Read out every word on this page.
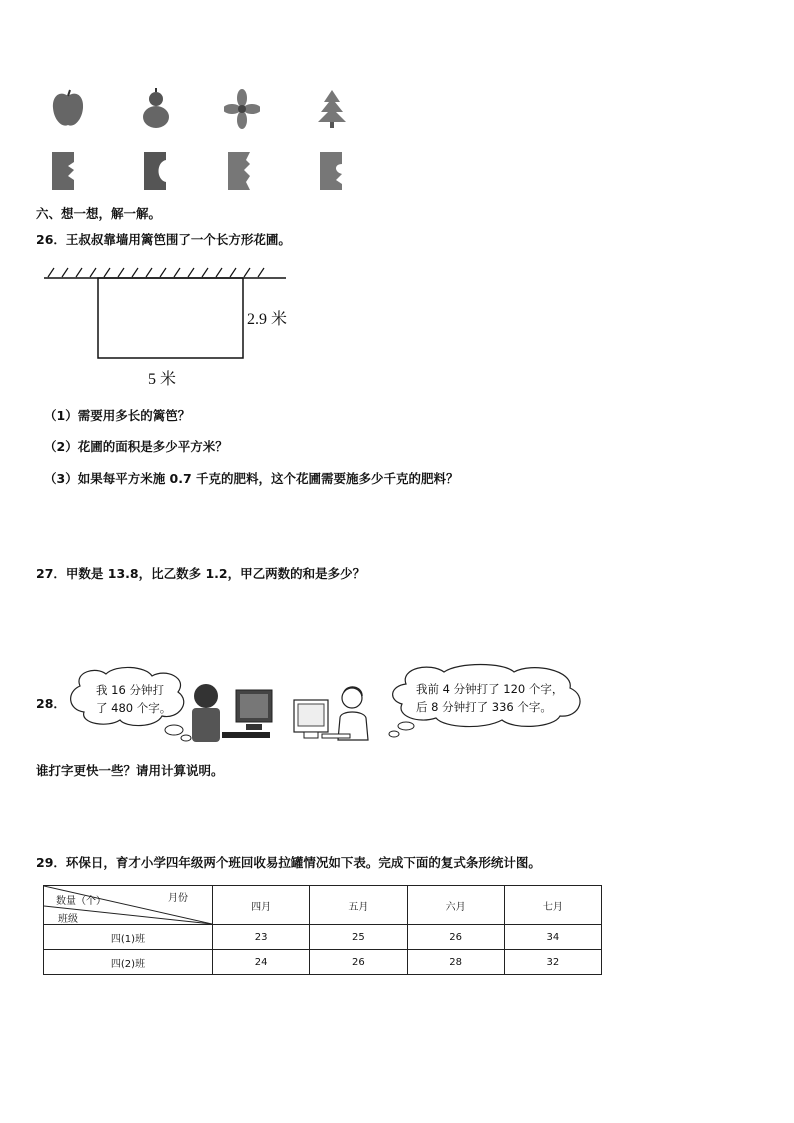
六、想一想，解一解。
26．王叔叔靠墙用篱笆围了一个长方形花圃。
2.9 米
5 米
（1）需要用多长的篱笆？
（2）花圃的面积是多少平方米？
（3）如果每平方米施 0.7 千克的肥料，这个花圃需要施多少千克的肥料？
27．甲数是 13.8，比乙数多 1.2，甲乙两数的和是多少？
28．
我 16 分钟打
了 480 个字。
我前 4 分钟打了 120 个字，
后 8 分钟打了 336 个字。
谁打字更快一些？请用计算说明。
29．环保日，育才小学四年级两个班回收易拉罐情况如下表。完成下面的复式条形统计图。
月份
数量（个）
班级	四月	五月	六月	七月
四(1)班	23	25	26	34
四(2)班	24	26	28	32
